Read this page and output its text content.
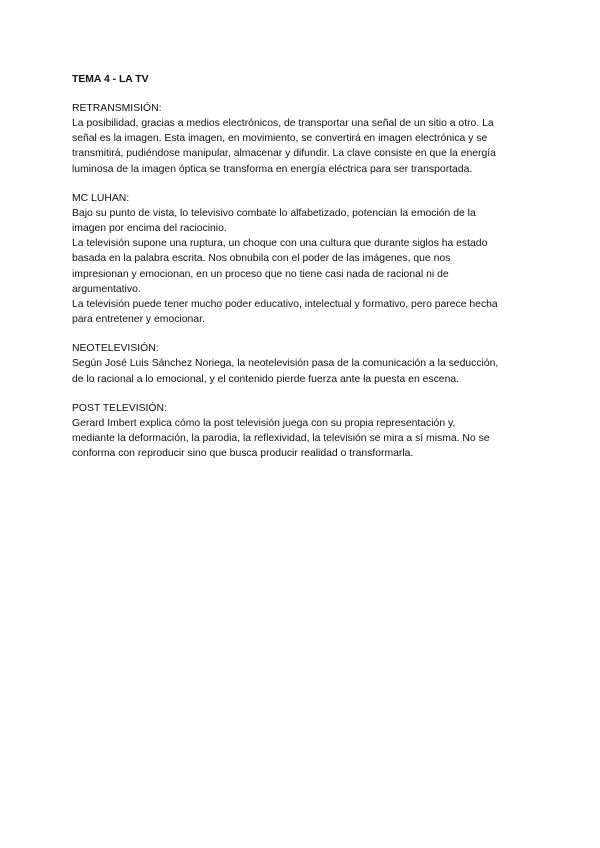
TEMA 4 - LA TV
RETRANSMISIÓN:

La posibilidad, gracias a medios electrónicos, de transportar una señal de un sitio a otro. La
señal es la imagen. Esta imagen, en movimiento, se convertirá en imagen electrónica y se
transmitirá, pudiéndose manipular, almacenar y difundir. La clave consiste en que la energía
luminosa de la imagen óptica se transforma en energía eléctrica para ser transportada.

MC LUHAN:

Bajo su punto de vista, lo televisivo combate lo alfabetizado, potencian la emoción de la
imagen por encima del raciocinio.

La televisión supone una ruptura, un choque con una cultura que durante siglos ha estado
basada en la palabra escrita. Nos obnubila con el poder de las imágenes, que nos
impresionan y emocionan, en un proceso que no tiene casi nada de racional ni de
argumentativo.

La televisión puede tener mucho poder educativo, intelectual y formativo, pero parece hecha
para entretener y emocionar.

NEOTELEVISIÓN:

Según José Luis Sánchez Noriega, la neotelevisión pasa de la comunicación a la seducción,
de lo racional a lo emocional, y el contenido pierde fuerza ante la puesta en escena.

POST TELEVISIÓN:

Gerard Imbert explica cómo la post televisión juega con su propia representación y,
mediante la deformación, la parodia, la reflexividad, la televisión se mira a sí misma. No se
conforma con reproducir sino que busca producir realidad o transformarla.
